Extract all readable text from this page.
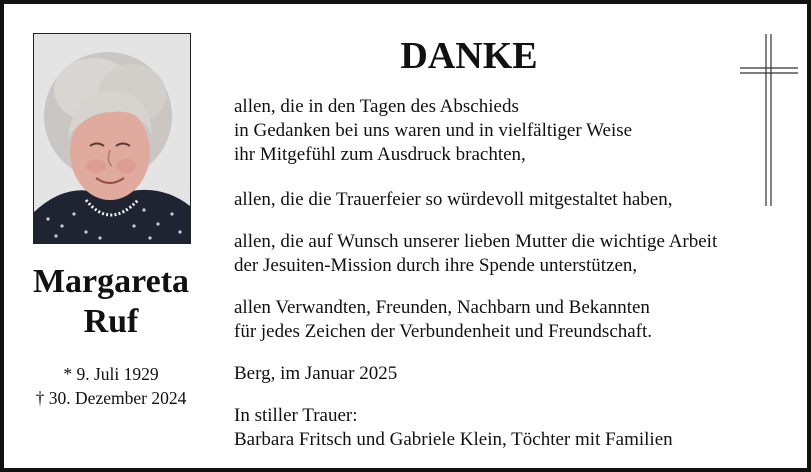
Margareta
Ruf
* 9. Juli 1929
† 30. Dezember 2024
DANKE
allen, die in den Tagen des Abschieds
in Gedanken bei uns waren und in vielfältiger Weise
ihr Mitgefühl zum Ausdruck brachten,
allen, die die Trauerfeier so würdevoll mitgestaltet haben,
allen, die auf Wunsch unserer lieben Mutter die wichtige Arbeit
der Jesuiten-Mission durch ihre Spende unterstützen,
allen Verwandten, Freunden, Nachbarn und Bekannten
für jedes Zeichen der Verbundenheit und Freundschaft.
Berg, im Januar 2025
In stiller Trauer:
Barbara Fritsch und Gabriele Klein, Töchter mit Familien
